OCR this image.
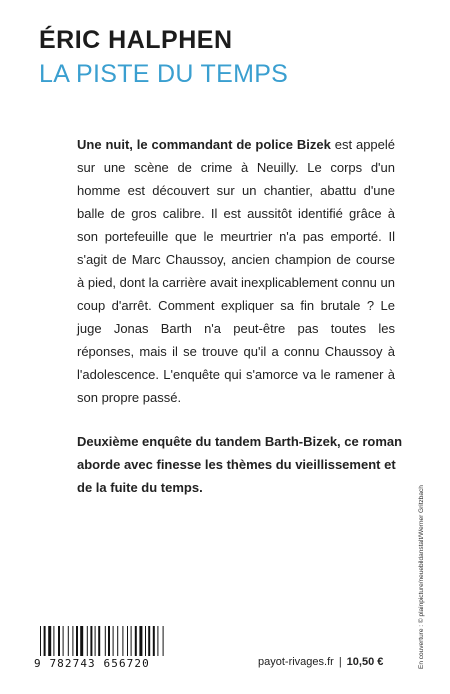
ÉRIC HALPHEN
LA PISTE DU TEMPS

Une nuit, le commandant de police Bizek est appelé sur une scène de crime à Neuilly. Le corps d'un homme est découvert sur un chantier, abattu d'une balle de gros calibre. Il est aussitôt identifié grâce à son portefeuille que le meurtrier n'a pas emporté. Il s'agit de Marc Chaussoy, ancien champion de course à pied, dont la carrière avait inexplicablement connu un coup d'arrêt. Comment expliquer sa fin brutale ? Le juge Jonas Barth n'a peut-être pas toutes les réponses, mais il se trouve qu'il a connu Chaussoy à l'adolescence. L'enquête qui s'amorce va le ramener à son propre passé.

Deuxième enquête du tandem Barth-Bizek, ce roman aborde avec finesse les thèmes du vieillissement et de la fuite du temps.	En couverture : © plainpicture/neuebildanstalt/Werner Gritzbach
9 782743 656720	payot-rivages.fr | 10,50 €
